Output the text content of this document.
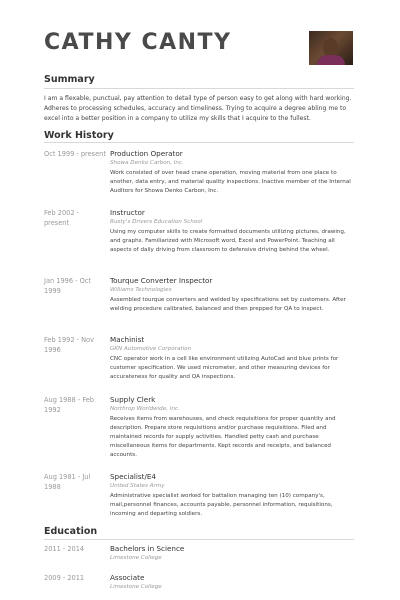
CATHY CANTY
Summary

I am a flexable, punctual, pay attention to detail type of person easy to get along with hard working. Adheres to processing schedules, accuracy and timeliness. Trying to acquire a degree abling me to excel into a better position in a company to utilize my skills that I acquire to the fullest.

Work History
Oct 1999 - present Production Operator
Showa Denko Carbon, Inc.
Work consisted of over head crane operation, moving material from one place to another, data entry, and material quality inspections. Inactive member of the Internal Auditors for Showa Denko Carbon, Inc.
Feb 2002 - present
Instructor
Rusty's Drivers Education School
Using my computer skills to create formatted documents utilizing pictures, drawing, and graphs. Familiarized with Microsoft word, Excel and PowerPoint. Teaching all aspects of daily driving from classroom to defensive driving behind the wheel.
Jan 1996 - Oct 1999
Tourque Converter Inspector
Williams Technologies
Assembled tourque converters and welded by specifications set by customers. After welding procedure calibrated, balanced and then prepped for QA to inspect.
Feb 1992 - Nov 1996
Machinist
GKN Automotive Corporation
CNC operator work in a cell like environment utilizing AutoCad and blue prints for customer specification. We used micrometer, and other measuring devices for accurateness for quality and QA inspections.
Aug 1988 - Feb 1992
Supply Clerk
Northrop Worldwide, Inc.
Receives items from warehouses, and check requisitions for proper quantity and description. Prepare store requisitions and/or purchase requisitions. Filed and maintained records for supply activities. Handled petty cash and purchase miscellaneous items for departments. Kept records and receipts, and balanced accounts.
Aug 1981 - Jul 1988
Specialist/E4
United States Army
Administrative specialist worked for battalion managing ten (10) company's, mail,personnel finances, accounts payable, personnel information, requisitions, incoming and departing soldiers.
Education
2011 - 2014	Bachelors in Science
Limestone College
2009 - 2011	Associate
Limestone College
